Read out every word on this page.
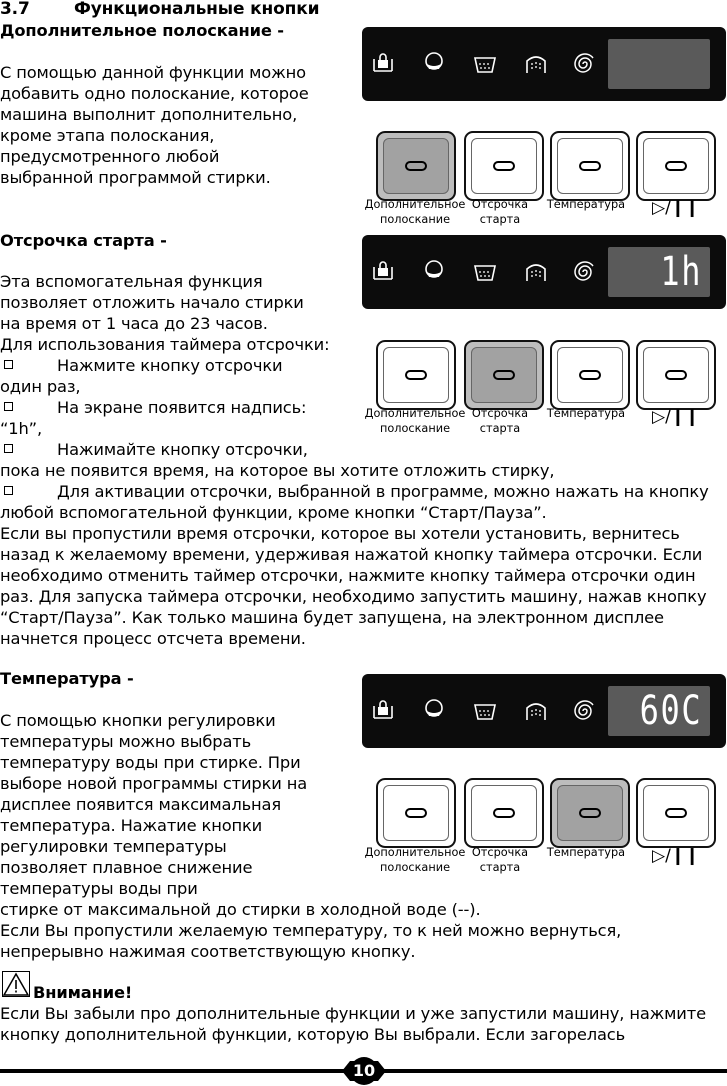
3.7	Функциональные кнопки
Дополнительное полоскание -
С помощью данной функции можно добавить одно полоскание, которое машина выполнит дополнительно, кроме этапа полоскания, предусмотренного любой выбранной программой стирки.
Отсрочка старта -
Эта вспомогательная функция позволяет отложить начало стирки на время от 1 часа до 23 часов.
Для использования таймера отсрочки:
Нажмите кнопку отсрочки
один раз,
На экране появится надпись:
“1h”,
Нажимайте кнопку отсрочки,
пока не появится время, на которое вы хотите отложить стирку,
Для активации отсрочки, выбранной в программе, можно нажать на кнопку
любой вспомогательной функции, кроме кнопки “Старт/Пауза”.
Если вы пропустили время отсрочки, которое вы хотели установить, вернитесь назад к желаемому времени, удерживая нажатой кнопку таймера отсрочки. Если необходимо отменить таймер отсрочки, нажмите кнопку таймера отсрочки один раз. Для запуска таймера отсрочки, необходимо запустить машину, нажав кнопку “Старт/Пауза”. Как только машина будет запущена, на электронном дисплее начнется процесс отсчета времени.
Температура -
С помощью кнопки регулировки температуры можно выбрать температуру воды при стирке. При выборе новой программы стирки на дисплее появится максимальная температура. Нажатие кнопки регулировки температуры позволяет плавное снижение температуры воды при
стирке от максимальной до стирки в холодной воде (--).
Если Вы пропустили желаемую температуру, то к ней можно вернуться, непрерывно нажимая соответствующую кнопку.
Внимание!
Если Вы забыли про дополнительные функции и уже запустили машину, нажмите кнопку дополнительной функции, которую Вы выбрали. Если загорелась
10
Дополнительное
полоскание
Отсрочка
старта
Температура ▷/❙❙
1h
Дополнительное
полоскание
Отсрочка
старта
Температура ▷/❙❙
60C
Дополнительное
полоскание
Отсрочка
старта
Температура ▷/❙❙
